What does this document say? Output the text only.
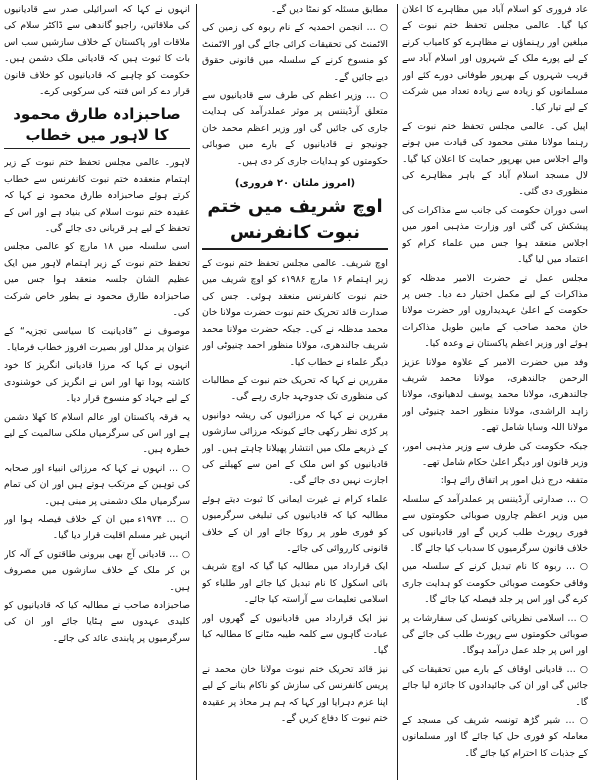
عاد فروری کو اسلام آباد میں مظاہرے کا اعلان کیا گیا۔ عالمی مجلس تحفظ ختم نبوت کے مبلغین اور رہنماؤں نے مظاہرے کو کامیاب کرنے کے لیے پورے ملک کے شہروں اور اسلام آباد سے قریب شہروں کے بھرپور طوفانی دورے کئے اور مسلمانوں کو زیادہ سے زیادہ تعداد میں شرکت کے لیے تیار کیا۔

اپیل کی۔ عالمی مجلس تحفظ ختم نبوت کے رہنما مولانا مفتی محمود کی قیادت میں ہونے والے اجلاس میں بھرپور حمایت کا اعلان کیا گیا۔ لال مسجد اسلام آباد کے باہر مظاہرے کی منظوری دی گئی۔

اسی دوران حکومت کی جانب سے مذاکرات کی پیشکش کی گئی اور وزارت مذہبی امور میں اجلاس منعقد ہوا جس میں علماء کرام کو اعتماد میں لیا گیا۔

مجلس عمل نے حضرت الامیر مدظلہ کو مذاکرات کے لیے مکمل اختیار دے دیا۔ جس پر حکومت کے اعلیٰ عہدیداروں اور حضرت مولانا خان محمد صاحب کے مابین طویل مذاکرات ہوئے اور وزیر اعظم پاکستان نے وعدہ کیا۔

وفد میں حضرت الامیر کے علاوہ مولانا عزیز الرحمن جالندھری، مولانا محمد شریف جالندھری، مولانا محمد یوسف لدھیانوی، مولانا زاہد الراشدی، مولانا منظور احمد چنیوٹی اور مولانا اللہ وسایا شامل تھے۔

جبکہ حکومت کی طرف سے وزیر مذہبی امور، وزیر قانون اور دیگر اعلیٰ حکام شامل تھے۔

متفقہ درج ذیل امور پر اتفاق رائے ہوا:

○ … صدارتی آرڈیننس پر عملدرآمد کے سلسلہ میں وزیر اعظم چاروں صوبائی حکومتوں سے فوری رپورٹ طلب کریں گے اور قادیانیوں کی خلاف قانون سرگرمیوں کا سدباب کیا جائے گا۔

○ … ربوہ کا نام تبدیل کرنے کے سلسلہ میں وفاقی حکومت صوبائی حکومت کو ہدایت جاری کرے گی اور اس پر جلد فیصلہ کیا جائے گا۔

○ … اسلامی نظریاتی کونسل کی سفارشات پر صوبائی حکومتوں سے رپورٹ طلب کی جائے گی اور اس پر جلد عمل درآمد ہوگا۔

○ … قادیانی اوقاف کے بارے میں تحقیقات کی جائیں گی اور ان کی جائیدادوں کا جائزہ لیا جائے گا۔

○ … شیر گڑھ تونسہ شریف کی مسجد کے معاملہ کو فوری حل کیا جائے گا اور مسلمانوں کے جذبات کا احترام کیا جائے گا۔

مطابق مسئلہ کو نمٹا دیں گے۔

○ … انجمن احمدیہ کے نام ربوہ کی زمین کی الاٹمنٹ کی تحقیقات کرائی جائے گی اور الاٹمنٹ کو منسوخ کرنے کے سلسلہ میں قانونی حقوق دیے جائیں گے۔

○ … وزیر اعظم کی طرف سے قادیانیوں سے متعلق آرڈیننس پر موثر عملدرآمد کی ہدایت جاری کی جائیں گی اور وزیر اعظم محمد خان جونیجو نے قادیانیوں کے بارے میں صوبائی حکومتوں کو ہدایات جاری کر دی ہیں۔

(امروز ملتان ۲۰ فروری)
اوچ شریف میں ختم نبوت کانفرنس

اوچ شریف۔ عالمی مجلس تحفظ ختم نبوت کے زیر اہتمام ۱۶ مارچ ۱۹۸۶ء کو اوچ شریف میں ختم نبوت کانفرنس منعقد ہوئی۔ جس کی صدارت قائد تحریک ختم نبوت حضرت مولانا خان محمد مدظلہ نے کی۔ جبکہ حضرت مولانا محمد شریف جالندھری، مولانا منظور احمد چنیوٹی اور دیگر علماء نے خطاب کیا۔

مقررین نے کہا کہ تحریک ختم نبوت کے مطالبات کی منظوری تک جدوجہد جاری رہے گی۔

مقررین نے کہا کہ مرزائیوں کی ریشہ دوانیوں پر کڑی نظر رکھی جائے کیونکہ مرزائی سازشوں کے ذریعے ملک میں انتشار پھیلانا چاہتے ہیں۔ اور قادیانیوں کو اس ملک کے امن سے کھیلنے کی اجازت نہیں دی جائے گی۔

علماء کرام نے غیرت ایمانی کا ثبوت دیتے ہوئے مطالبہ کیا کہ قادیانیوں کی تبلیغی سرگرمیوں کو فوری طور پر روکا جائے اور ان کے خلاف قانونی کارروائی کی جائے۔

ایک قرارداد میں مطالبہ کیا گیا کہ اوچ شریف بائی اسکول کا نام تبدیل کیا جائے اور طلباء کو اسلامی تعلیمات سے آراستہ کیا جائے۔

نیز ایک قرارداد میں قادیانیوں کے گھروں اور عبادت گاہوں سے کلمہ طیبہ مٹانے کا مطالبہ کیا گیا۔

نیز قائد تحریک ختم نبوت مولانا خان محمد نے پریس کانفرنس کی سازش کو ناکام بنانے کے لیے اپنا عزم دہرایا اور کہا کہ ہم ہر محاذ پر عقیدہ ختم نبوت کا دفاع کریں گے۔

انہوں نے کہا کہ اسرائیلی صدر سے قادیانیوں کی ملاقاتیں، راجیو گاندھی سے ڈاکٹر سلام کی ملاقات اور پاکستان کے خلاف سازشیں سب اس بات کا ثبوت ہیں کہ قادیانی ملک دشمن ہیں۔ حکومت کو چاہیے کہ قادیانیوں کو خلاف قانون قرار دے کر اس فتنہ کی سرکوبی کرے۔

صاحبزادہ طارق محمود کا لاہور میں خطاب

لاہور۔ عالمی مجلس تحفظ ختم نبوت کے زیر اہتمام منعقدہ ختم نبوت کانفرنس سے خطاب کرتے ہوئے صاحبزادہ طارق محمود نے کہا کہ عقیدہ ختم نبوت اسلام کی بنیاد ہے اور اس کے تحفظ کے لیے ہر قربانی دی جائے گی۔

اسی سلسلہ میں ۱۸ مارچ کو عالمی مجلس تحفظ ختم نبوت کے زیر اہتمام لاہور میں ایک عظیم الشان جلسہ منعقد ہوا جس میں صاحبزادہ طارق محمود نے بطور خاص شرکت کی۔

موصوف نے ”قادیانیت کا سیاسی تجزیہ“ کے عنوان پر مدلل اور بصیرت افروز خطاب فرمایا۔

انہوں نے کہا کہ مرزا قادیانی انگریز کا خود کاشتہ پودا تھا اور اس نے انگریز کی خوشنودی کے لیے جہاد کو منسوخ قرار دیا۔

یہ فرقہ پاکستان اور عالم اسلام کا کھلا دشمن ہے اور اس کی سرگرمیاں ملکی سالمیت کے لیے خطرہ ہیں۔

○ … انہوں نے کہا کہ مرزائی انبیاء اور صحابہ کی توہین کے مرتکب ہوتے ہیں اور ان کی تمام سرگرمیاں ملک دشمنی پر مبنی ہیں۔

○ … ۱۹۷۴ء میں ان کے خلاف فیصلہ ہوا اور انہیں غیر مسلم اقلیت قرار دیا گیا۔

○ … قادیانی آج بھی بیرونی طاقتوں کے آلہ کار بن کر ملک کے خلاف سازشوں میں مصروف ہیں۔

صاحبزادہ صاحب نے مطالبہ کیا کہ قادیانیوں کو کلیدی عہدوں سے ہٹایا جائے اور ان کی سرگرمیوں پر پابندی عائد کی جائے۔
